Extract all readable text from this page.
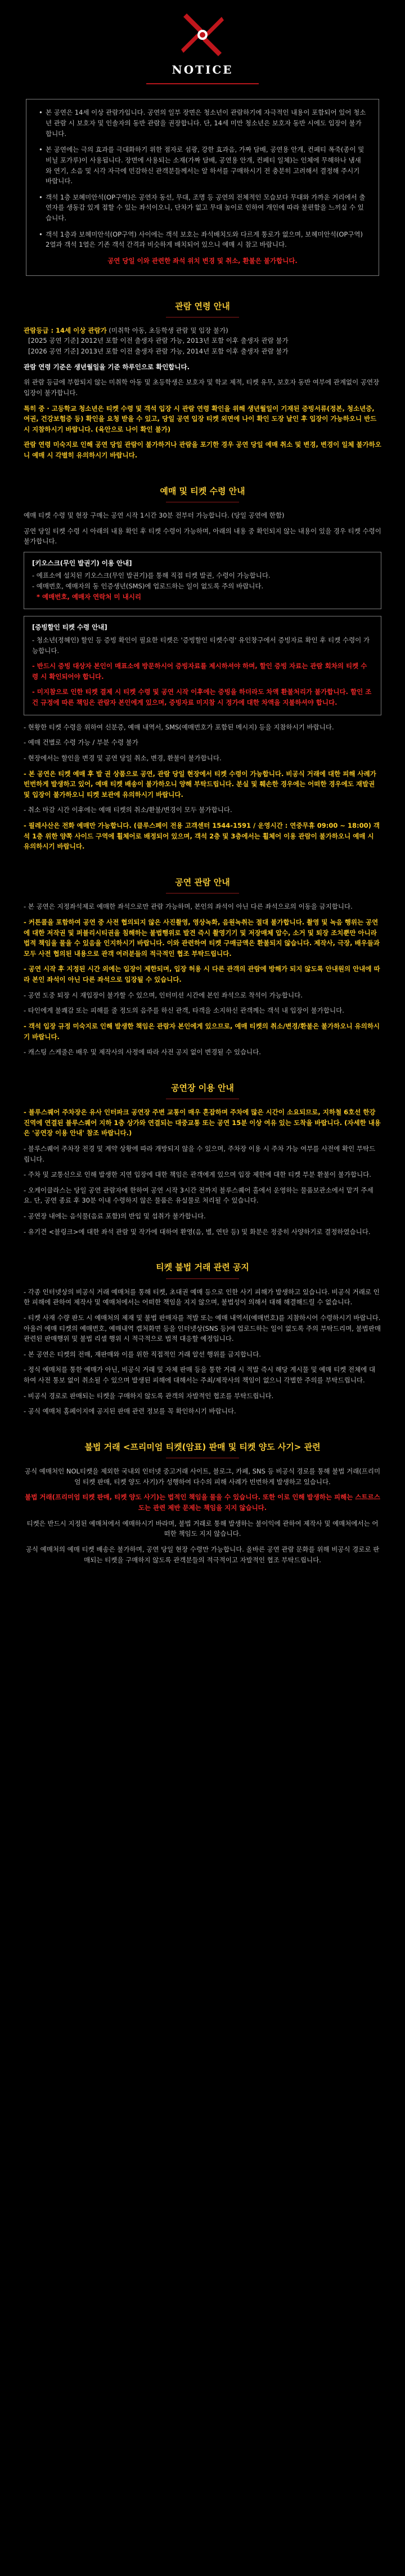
NOTICE
• 본 공연은 14세 이상 관람가입니다. 공연의 일부 장면은 청소년이 관람하기에 자극적인 내용이 포함되어 있어 청소년 관람 시 보호자 및 인솔자의 동반 관람을 권장합니다. 단, 14세 미만 청소년은 보호자 동반 시에도 입장이 불가합니다.
• 본 공연에는 극의 효과를 극대화하기 위한 점자로 섬광, 강한 효과음, 가짜 담배, 공연용 안개, 컨페티 폭죽(종이 및 비닐 포가루)이 사용됩니다. 장면에 사용되는 소재(가짜 담배, 공연용 안개, 컨페티 일체)는 인체에 무해하나 냄새와 연기, 소음 및 시각 자극에 민감하신 관객분들께서는 알 하셔를 구매하시기 전 충분히 고려해서 결정해 주시기 바랍니다.
• 객석 1층 보혜미안석(OP구역)은 공연자 동선, 무대, 조명 등 공연의 전체적인 모습보다 무대와 가까운 거리에서 출연자를 생동감 있게 접할 수 있는 좌석이오니, 단차가 없고 무대 높이로 인하여 개인에 따라 불편함을 느끼실 수 있습니다.
• 객석 1층과 보헤미안석(OP구역) 사이에는 객석 보호는 좌석배치도와 다르게 통로가 없으며, 보헤미안석(OP구역) 2열과 객석 1열은 기존 객석 간격과 비슷하게 배치되어 있으니 예매 시 참고 바랍니다.
공연 당일 이와 관련한 좌석 위치 변경 및 취소, 환불은 불가합니다.
관람 연령 안내
관람등급 : 14세 이상 관람가 (미취학 아동, 초등학생 관람 및 입장 불가)
[2025 공연 기준] 2012년 포함 이전 출생자 관람 가능, 2013년 포함 이후 출생자 관람 불가
[2026 공연 기준] 2013년 포함 이전 출생자 관람 가능, 2014년 포함 이후 출생자 관람 불가
관람 연령 기준은 생년월일을 기준 하루인으로 확인합니다.
위 관람 등급에 부합되지 않는 미취학 아동 및 초등학생은 보호자 및 학교 제적, 티켓 유무, 보호자 동반 여부에 관계없이 공연장 입장이 불가합니다.
특히 중 · 고등학교 청소년은 티켓 수령 및 객석 입장 시 관람 연령 확인을 위해 생년월일이 기재된 증빙서류(정본, 청소년증, 여권, 건강보험증 등) 확인을 요청 받을 수 있고, 당일 공연 입장 티켓 외면에 나이 확인 도장 날인 후 입장이 가능하오니 반드시 지참하시기 바랍니다. (육안으로 나이 확인 불가)
관람 연령 미숙지로 인해 공연 당일 관람이 불가하거나 관람을 포기한 경우 공연 당일 예매 취소 및 변경, 변경이 일체 불가하오니 예매 시 각별히 유의하시기 바랍니다.
예매 및 티켓 수령 안내
예매 티켓 수령 및 현장 구매는 공연 시작 1시간 30분 전부터 가능합니다. (당일 공연에 한함)
공연 당일 티켓 수령 시 아래의 내용 확인 후 티켓 수령이 가능하며, 아래의 내용 중 확인되지 않는 내용이 있을 경우 티켓 수령이 불가합니다.
[키오스크(무인 발권기) 이용 안내]
- 예표소에 설치된 키오스크(무인 발권기)를 통해 직접 티켓 발권, 수령이 가능합니다.
- 예매번호, 예매자의 동 인증생년(SMS)에 업로드하는 일이 없도록 주의 바랍니다.
* 예매번호, 예매자 연락처 미 내시리
[증빙할인 티켓 수령 안내]
- 청소년(정혜인) 할인 등 증빙 확인이 필요한 티켓은 '증빙할인 티켓수령' 유인창구에서 증빙자료 확인 후 티켓 수령이 가능합니다.
- 반드시 증빙 대상자 본인이 매표소에 방문하시어 증빙자료를 제시하셔야 하며, 할인 증빙 자료는 관람 회차의 티켓 수령 시 확인되어야 합니다.
- 미지참으로 인한 티켓 결제 시 티켓 수령 및 공연 시작 이후에는 증빙을 하더라도 차액 환불처리가 불가합니다. 할인 조건 규정에 따른 책임은 관람자 본인에게 있으며, 증빙자료 미지참 시 정가에 대한 차액을 지불하셔야 합니다.
- 현황한 티켓 수령을 위하여 신분증, 예매 내역서, SMS(예매번호가 포함된 메시지) 등을 지참하시기 바랍니다.
- 예매 건별로 수령 가능 / 부분 수령 불가
- 현장에서는 할인을 변경 및 공연 당일 취소, 변경, 환불이 불가합니다.
- 본 공연은 티켓 예매 후 발 권 상품으로 공연, 관람 당일 현장에서 티켓 수령이 가능합니다. 비공식 거래에 대한 피해 사례가 빈번하게 발생하고 있어, 예매 티켓 배송이 불가하오니 양해 부탁드립니다. 분실 및 훼손한 경우에는 어떠한 경우에도 재발권 및 입장이 불가하오니 티켓 보관에 유의하시기 바랍니다.
- 취소 마감 시간 이후에는 예매 티켓의 취소/환불/변경이 모두 불가합니다.
- 필레사산은 전화 예매만 가능합니다. (클루스페이 전용 고객센터 1544-1591 / 운영시간 : 연중무휴 09:00 ~ 18:00) 객석 1층 위한 양쪽 사이드 구역에 휠체어로 배정되어 있으며, 객석 2층 및 3층에서는 휠체어 이용 관람이 불가하오니 예매 시 유의하시기 바랍니다.
공연 관람 안내
- 본 공연은 지정좌석제로 예매한 좌석으로만 관람 가능하며, 본인의 좌석이 아닌 다른 좌석으로의 이동을 금지합니다.
- 커튼콜을 포함하여 공연 중 사전 협의되지 않은 사진촬영, 영상녹화, 음원녹취는 절대 불가합니다. 촬영 및 녹음 행위는 공연에 대한 저작권 및 퍼블리시티권을 침해하는 불법행위로 발견 즉시 촬영기기 및 저장매체 압수, 소거 및 퇴장 조치뿐만 아니라 법적 책임을 물을 수 있음을 인지하시기 바랍니다. 이와 관련하여 티켓 구매금액은 환불되지 않습니다. 제작사, 극장, 배우들과 모두 사전 협의된 내용으로 관객 여러분들의 적극적인 협조 부탁드립니다.
- 공연 시작 후 지정된 시간 외에는 입장이 제한되며, 입장 허용 시 다른 관객의 관람에 방해가 되지 않도록 안내원의 안내에 따라 본인 좌석이 아닌 다른 좌석으로 입장될 수 있습니다.
- 공연 도중 퇴장 시 재입장이 불가할 수 있으며, 인터미션 시간에 본인 좌석으로 착석이 가능합니다.
- 타인에게 불쾌감 또는 피해를 줄 정도의 음주를 하신 관객, 타객을 소지하신 관객께는 객석 내 입장이 불가합니다.
- 객석 입장 규정 미숙지로 인해 발생한 책임은 관람자 본인에게 있으므로, 예매 티켓의 취소/변경/환불은 불가하오니 유의하시기 바랍니다.
- 캐스팅 스케줄은 배우 및 제작사의 사정에 따라 사전 공지 없이 변경될 수 있습니다.
공연장 이용 안내
- 블루스퀘어 주차장은 유사 인터파크 공연장 주변 교통이 매우 혼잡하며 주차에 많은 시간이 소요되므로, 지하철 6호선 한강진역에 연결된 블루스퀘어 지하 1층 상가와 연결되는 대중교통 또는 공연 15분 이상 여유 있는 도착을 바랍니다. (자세한 내용은 '공연장 이용 안내' 참조 바랍니다.)
- 블루스퀘어 주차장 전경 및 계약 상황에 따라 개방되지 않을 수 있으며, 주차장 이용 시 주차 가능 여부를 사전에 확인 부탁드립니다.
- 주차 및 교통신으로 인해 발생한 지연 입장에 대한 책임은 관객에게 있으며 입장 제한에 대한 티켓 부분 환불이 불가합니다.
- 오케이클라스는 당일 공연 관람자에 한하여 공연 시작 3시간 전까지 블루스퀘어 홀에서 운영하는 물품보관소에서 맡겨 주세요. 단, 공연 종료 후 30분 이내 수령하지 않은 물품은 유실물로 처리될 수 있습니다.
- 공연장 내에는 음식물(음료 포함)의 반입 및 섭취가 불가합니다.
- 유기견 <블링크>에 대한 좌석 관람 및 작가에 대하여 환영(음, 별, 연탄 등) 및 화분은 정중히 사양하기로 결정하였습니다.
티켓 불법 거래 관련 공지
- 각종 인터넷상의 비공식 거래 예매처를 통해 티켓, 초대권 예매 등으로 인한 사기 피해가 발생하고 있습니다. 비공식 거래로 인한 피해에 관하여 제작사 및 예매처에서는 어떠한 책임을 지지 않으며, 불법성이 의해서 대해 해결해드릴 수 없습니다.
- 티켓 사재 수량 판도 시 예매처의 제재 및 불법 판매자를 적발 또는 예매 내역서(예매번호)를 지참하시어 수령하시기 바랍니다. 아울러 예매 티켓의 예매번호, 예매내역 캡처화면 등을 인터넷상(SNS 등)에 업로드하는 일이 없도록 주의 부탁드리며, 불법판매 관련된 판매행위 및 불법 리셀 행위 시 적극적으로 법적 대응할 예정입니다.
- 본 공연은 티켓의 전매, 재판매와 이를 위한 직접적인 거래 알선 행위를 금지합니다.
- 정식 예매처를 통한 예매가 아닌, 비공식 거래 및 자체 판매 등을 통한 거래 시 적발 즉시 해당 게시물 및 예매 티켓 전체에 대하여 사전 통보 없이 취소될 수 있으며 발생된 피해에 대해서는 주최/제작사의 책임이 없으니 각별한 주의를 부탁드립니다.
- 비공식 경로로 판매되는 티켓을 구매하지 않도록 관객의 자발적인 협조를 부탁드립니다.
- 공식 예매처 홈페이지에 공지된 판매 관련 정보를 꼭 확인하시기 바랍니다.
불법 거래 <프리미엄 티켓(암표) 판매 및 티켓 양도 사기> 관련
공식 예매처인 NOL티켓을 제외한 국내외 인터넷 중고거래 사이트, 블로그, 카페, SNS 등 비공식 경로를 통해 불법 거래(프리미엄 티켓 판매, 티켓 양도 사기)가 성행하여 다수의 피해 사례가 빈번하게 발생하고 있습니다.
불법 거래(프리미엄 티켓 판매, 티켓 양도 사기)는 법적인 책임을 물을 수 있습니다. 또한 이로 인해 발생하는 피해는 스트르스 도는 관련 제반 문제는 책임을 지지 않습니다.
티켓은 반드시 지정된 예매처에서 예매하시기 바라며, 불법 거래로 통해 발생하는 불이익에 관하여 제작사 및 예매처에서는 어떠한 책임도 지지 않습니다.
공식 예매처의 예매 티켓 배송은 불가하며, 공연 당일 현장 수령만 가능합니다. 올바른 공연 관람 문화를 위해 비공식 경로로 판매되는 티켓을 구매하지 않도록 관객분들의 적극적이고 자발적인 협조 부탁드립니다.
